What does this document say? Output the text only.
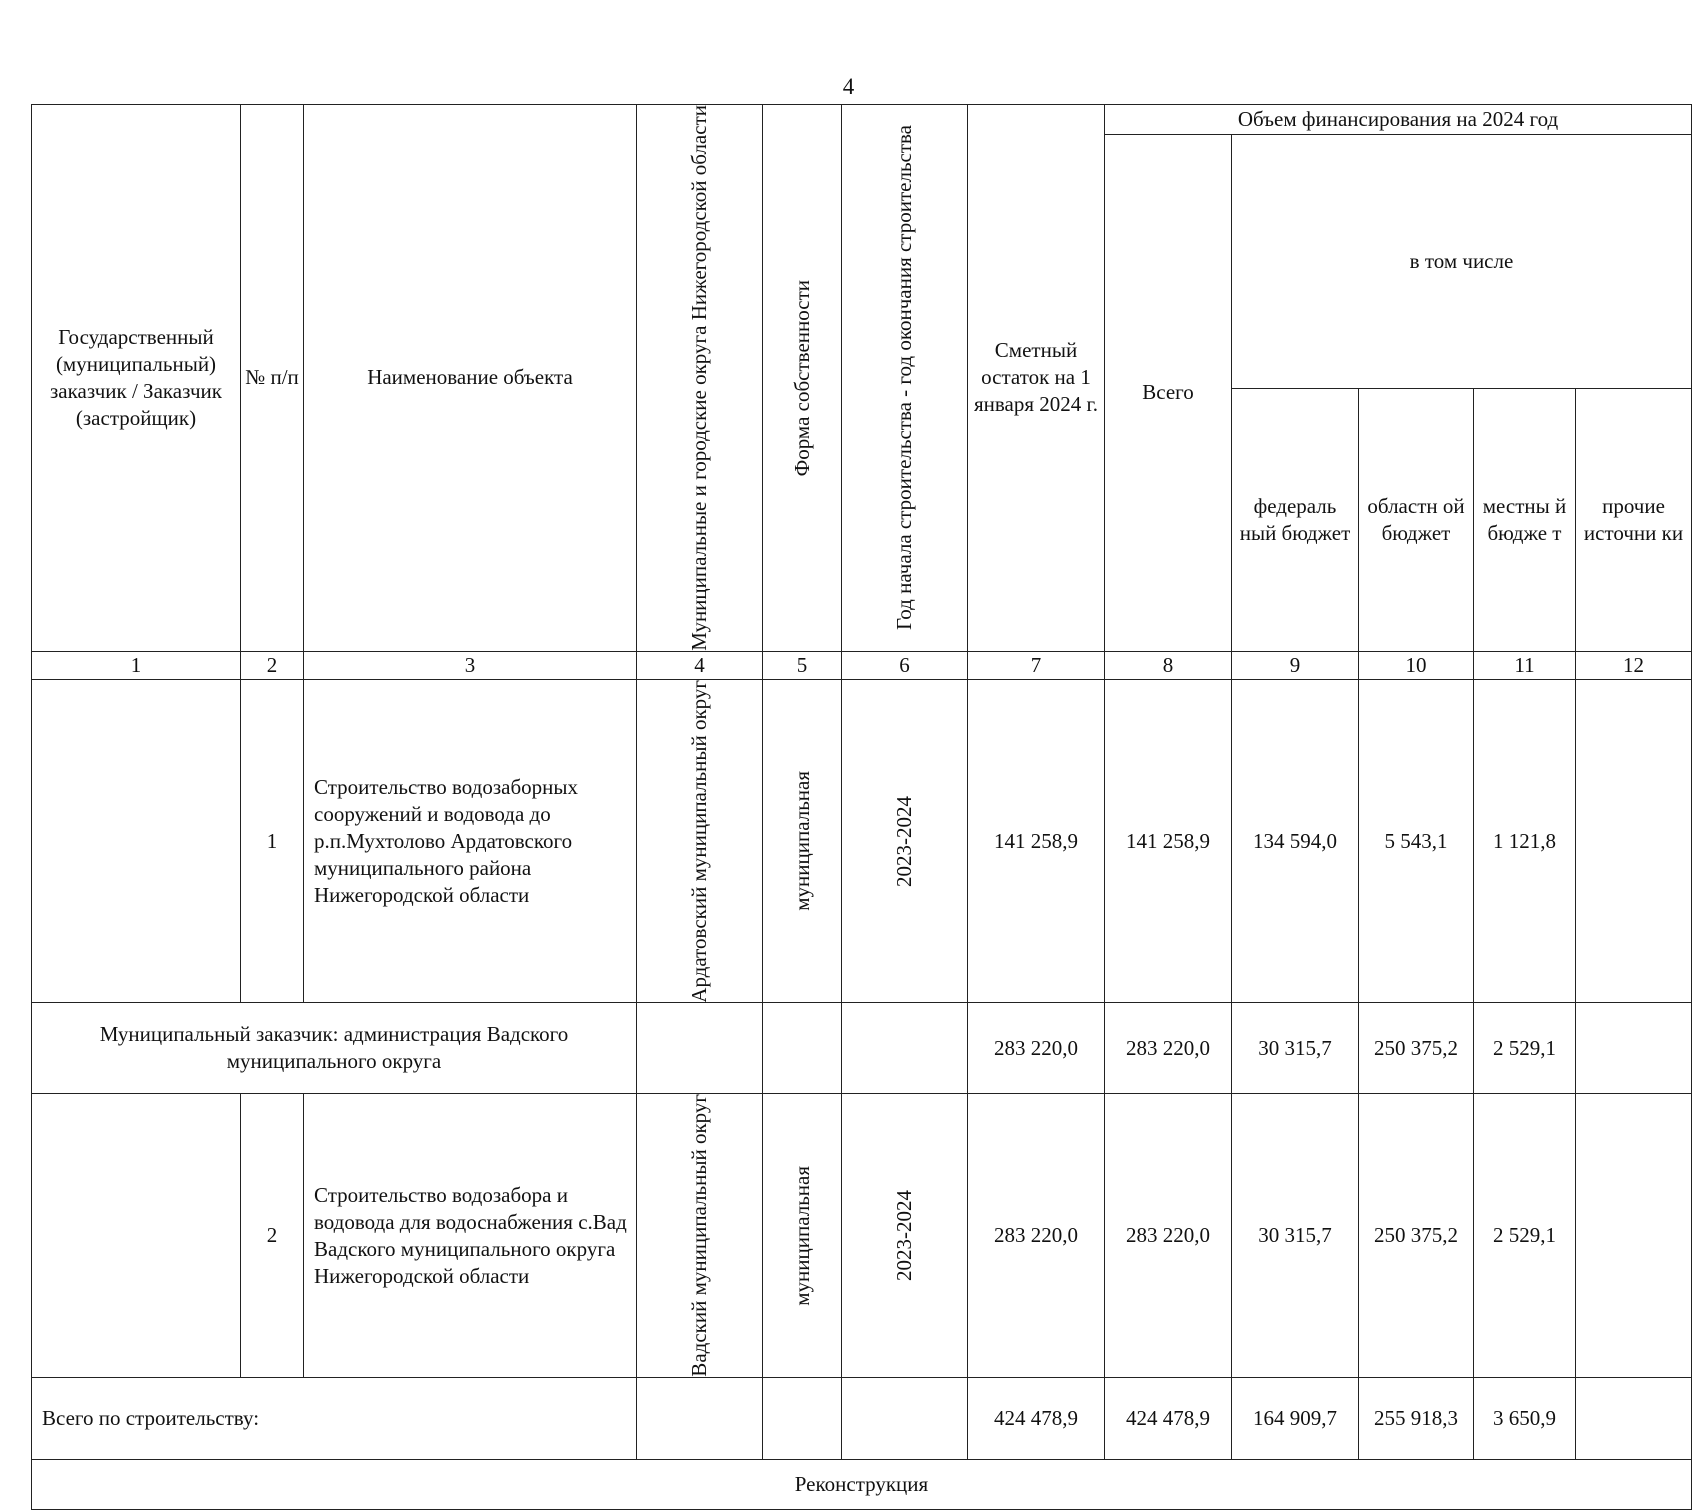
4
Государственный (муниципальный) заказчик / Заказчик (застройщик)	№ п/п	Наименование объекта	Муниципальные и городские округа Нижегородской области	Форма собственности	Год начала строительства - год окончания строительства	Сметный остаток на 1 января 2024 г.	Объем финансирования на 2024 год				
							Всего	в том числе			
								федераль ный бюджет	областн ой бюджет	местны й бюдже т	прочие источни ки
1	2	3	4	5	6	7	8	9	10	11	12
	1	Строительство водозаборных сооружений и водовода до р.п.Мухтолово Ардатовского муниципального района Нижегородской области	Ардатовский муниципальный округ	муниципальная	2023-2024	141 258,9	141 258,9	134 594,0	5 543,1	1 121,8	
Муниципальный заказчик: администрация Вадского муниципального округа						283 220,0	283 220,0	30 315,7	250 375,2	2 529,1	
	2	Строительство водозабора и водовода для водоснабжения с.Вад Вадского муниципального округа Нижегородской области	Вадский муниципальный округ	муниципальная	2023-2024	283 220,0	283 220,0	30 315,7	250 375,2	2 529,1	
Всего по строительству:						424 478,9	424 478,9	164 909,7	255 918,3	3 650,9	
Реконструкция											
